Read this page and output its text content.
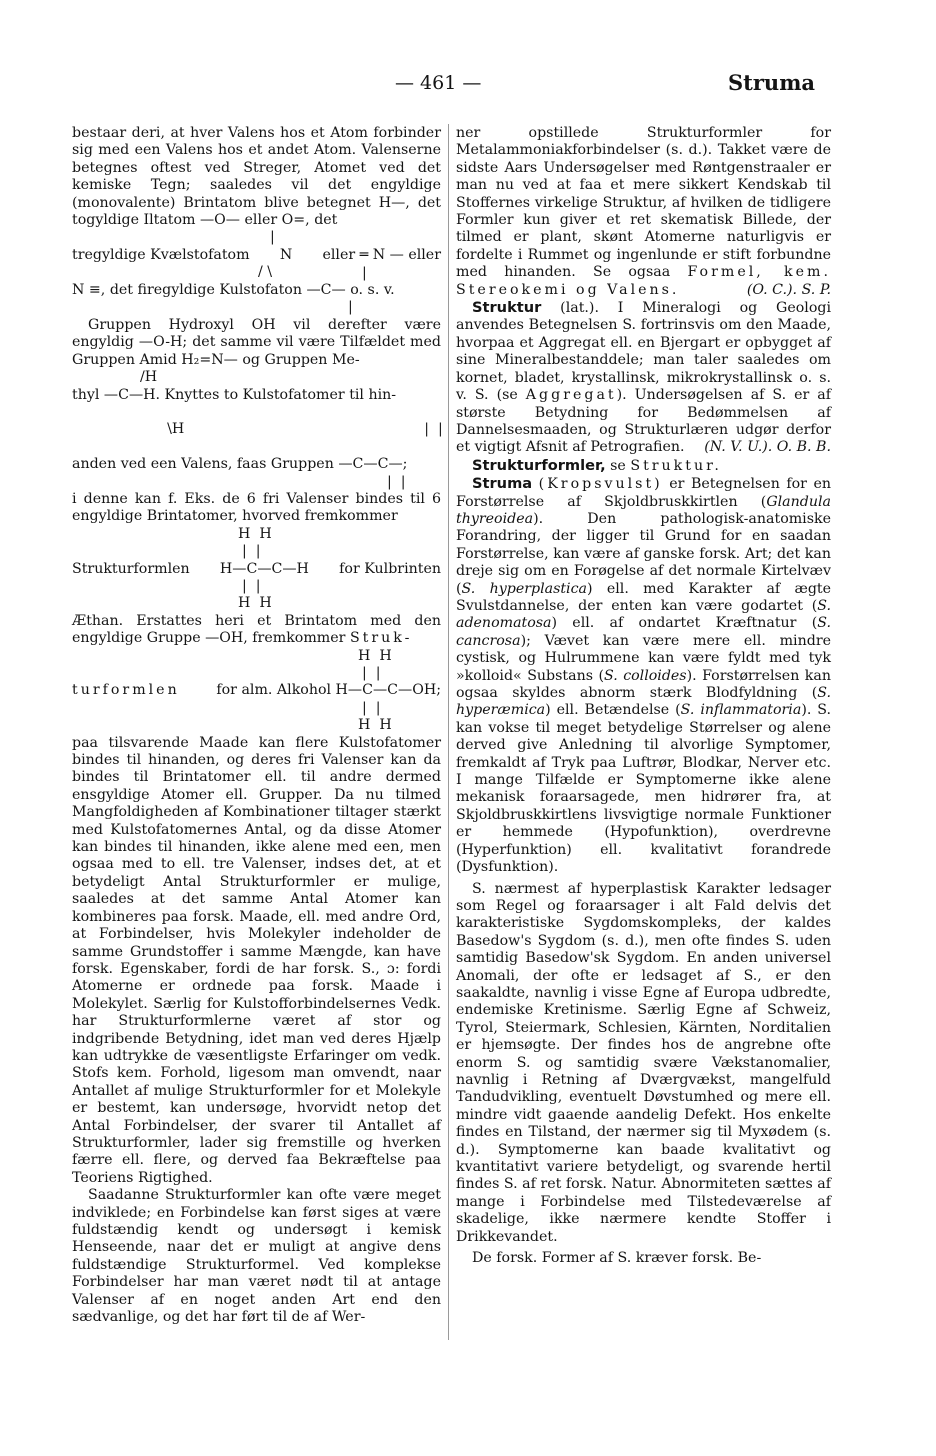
— 461 —	Struma

bestaar deri, at hver Valens hos et Atom forbinder sig med een Valens hos et andet Atom. Valenserne betegnes oftest ved Streger, Atomet ved det kemiske Tegn; saaledes vil det engyldige (monovalente) Brintatom blive betegnet H—, det togyldige Iltatom —O— eller O=, det

|
tregyldige Kvælstofatom N eller ═ N — eller
/ \	|
N ≡, det firegyldige Kulstofaton —C— o. s. v.
|

Gruppen Hydroxyl OH vil derefter være engyldig —O-H; det samme vil være Tilfældet med Gruppen Amid H₂=N— og Gruppen Me-

/H
thyl —C—H. Knyttes to Kulstofatomer til hin-

\H	|  |

anden ved een Valens, faas Gruppen —C—C—;
|  |

i denne kan f. Eks. de 6 fri Valenser bindes til 6 engyldige Brintatomer, hvorved fremkommer

H  H
|  |
Strukturformlen H—C—C—H for Kulbrinten
|  |
H  H

Æthan. Erstattes heri et Brintatom med den engyldige Gruppe —OH, fremkommer Struk-

H  H
|  |
turformlen	for alm. Alkohol H—C—C—OH;
|  |
H  H

paa tilsvarende Maade kan flere Kulstofatomer bindes til hinanden, og deres fri Valenser kan da bindes til Brintatomer ell. til andre dermed ensgyldige Atomer ell. Grupper. Da nu tilmed Mangfoldigheden af Kombinationer tiltager stærkt med Kulstofatomernes Antal, og da disse Atomer kan bindes til hinanden, ikke alene med een, men ogsaa med to ell. tre Valenser, indses det, at et betydeligt Antal Strukturformler er mulige, saaledes at det samme Antal Atomer kan kombineres paa forsk. Maade, ell. med andre Ord, at Forbindelser, hvis Molekyler indeholder de samme Grundstoffer i samme Mængde, kan have forsk. Egenskaber, fordi de har forsk. S., ɔ: fordi Atomerne er ordnede paa forsk. Maade i Molekylet. Særlig for Kulstofforbindelsernes Vedk. har Strukturformlerne været af stor og indgribende Betydning, idet man ved deres Hjælp kan udtrykke de væsentligste Erfaringer om vedk. Stofs kem. Forhold, ligesom man omvendt, naar Antallet af mulige Strukturformler for et Molekyle er bestemt, kan undersøge, hvorvidt netop det Antal Forbindelser, der svarer til Antallet af Strukturformler, lader sig fremstille og hverken færre ell. flere, og derved faa Bekræftelse paa Teoriens Rigtighed.

Saadanne Strukturformler kan ofte være meget indviklede; en Forbindelse kan først siges at være fuldstændig kendt og undersøgt i kemisk Henseende, naar det er muligt at angive dens fuldstændige Strukturformel. Ved komplekse Forbindelser har man været nødt til at antage Valenser af en noget anden Art end den sædvanlige, og det har ført til de af Wer-

ner opstillede Strukturformler for Metalammoniakforbindelser (s. d.). Takket være de sidste Aars Undersøgelser med Røntgenstraaler er man nu ved at faa et mere sikkert Kendskab til Stoffernes virkelige Struktur, af hvilken de tidligere Formler kun giver et ret skematisk Billede, der tilmed er plant, skønt Atomerne naturligvis er fordelte i Rummet og ingenlunde er stift forbundne med hinanden. Se ogsaa Formel, kem. Stereokemi og Valens.	(O. C.). S. P.

Struktur (lat.). I Mineralogi og Geologi anvendes Betegnelsen S. fortrinsvis om den Maade, hvorpaa et Aggregat ell. en Bjergart er opbygget af sine Mineralbestanddele; man taler saaledes om kornet, bladet, krystallinsk, mikrokrystallinsk o. s. v. S. (se Aggregat). Undersøgelsen af S. er af største Betydning for Bedømmelsen af Dannelsesmaaden, og Strukturlæren udgør derfor et vigtigt Afsnit af Petrografien.	(N. V. U.). O. B. B.

Strukturformler, se Struktur.

Struma (Kropsvulst) er Betegnelsen for en Forstørrelse af Skjoldbruskkirtlen (Glandula thyreoidea). Den pathologisk-anatomiske Forandring, der ligger til Grund for en saadan Forstørrelse, kan være af ganske forsk. Art; det kan dreje sig om en Forøgelse af det normale Kirtelvæv (S. hyperplastica) ell. med Karakter af ægte Svulstdannelse, der enten kan være godartet (S. adenomatosa) ell. af ondartet Kræftnatur (S. cancrosa); Vævet kan være mere ell. mindre cystisk, og Hulrummene kan være fyldt med tyk »kolloid« Substans (S. colloides). Forstørrelsen kan ogsaa skyldes abnorm stærk Blodfyldning (S. hyperæmica) ell. Betændelse (S. inflammatoria). S. kan vokse til meget betydelige Størrelser og alene derved give Anledning til alvorlige Symptomer, fremkaldt af Tryk paa Luftrør, Blodkar, Nerver etc. I mange Tilfælde er Symptomerne ikke alene mekanisk foraarsagede, men hidrører fra, at Skjoldbruskkirtlens livsvigtige normale Funktioner er hemmede (Hypofunktion), overdrevne (Hyperfunktion) ell. kvalitativt forandrede (Dysfunktion).

S. nærmest af hyperplastisk Karakter ledsager som Regel og foraarsager i alt Fald delvis det karakteristiske Sygdomskompleks, der kaldes Basedow's Sygdom (s. d.), men ofte findes S. uden samtidig Basedow'sk Sygdom. En anden universel Anomali, der ofte er ledsaget af S., er den saakaldte, navnlig i visse Egne af Europa udbredte, endemiske Kretinisme. Særlig Egne af Schweiz, Tyrol, Steiermark, Schlesien, Kärnten, Norditalien er hjemsøgte. Der findes hos de angrebne ofte enorm S. og samtidig svære Vækstanomalier, navnlig i Retning af Dværgvækst, mangelfuld Tandudvikling, eventuelt Døvstumhed og mere ell. mindre vidt gaaende aandelig Defekt. Hos enkelte findes en Tilstand, der nærmer sig til Myxødem (s. d.). Symptomerne kan baade kvalitativt og kvantitativt variere betydeligt, og svarende hertil findes S. af ret forsk. Natur. Abnormiteten sættes af mange i Forbindelse med Tilstedeværelse af skadelige, ikke nærmere kendte Stoffer i Drikkevandet.

De forsk. Former af S. kræver forsk. Be-
